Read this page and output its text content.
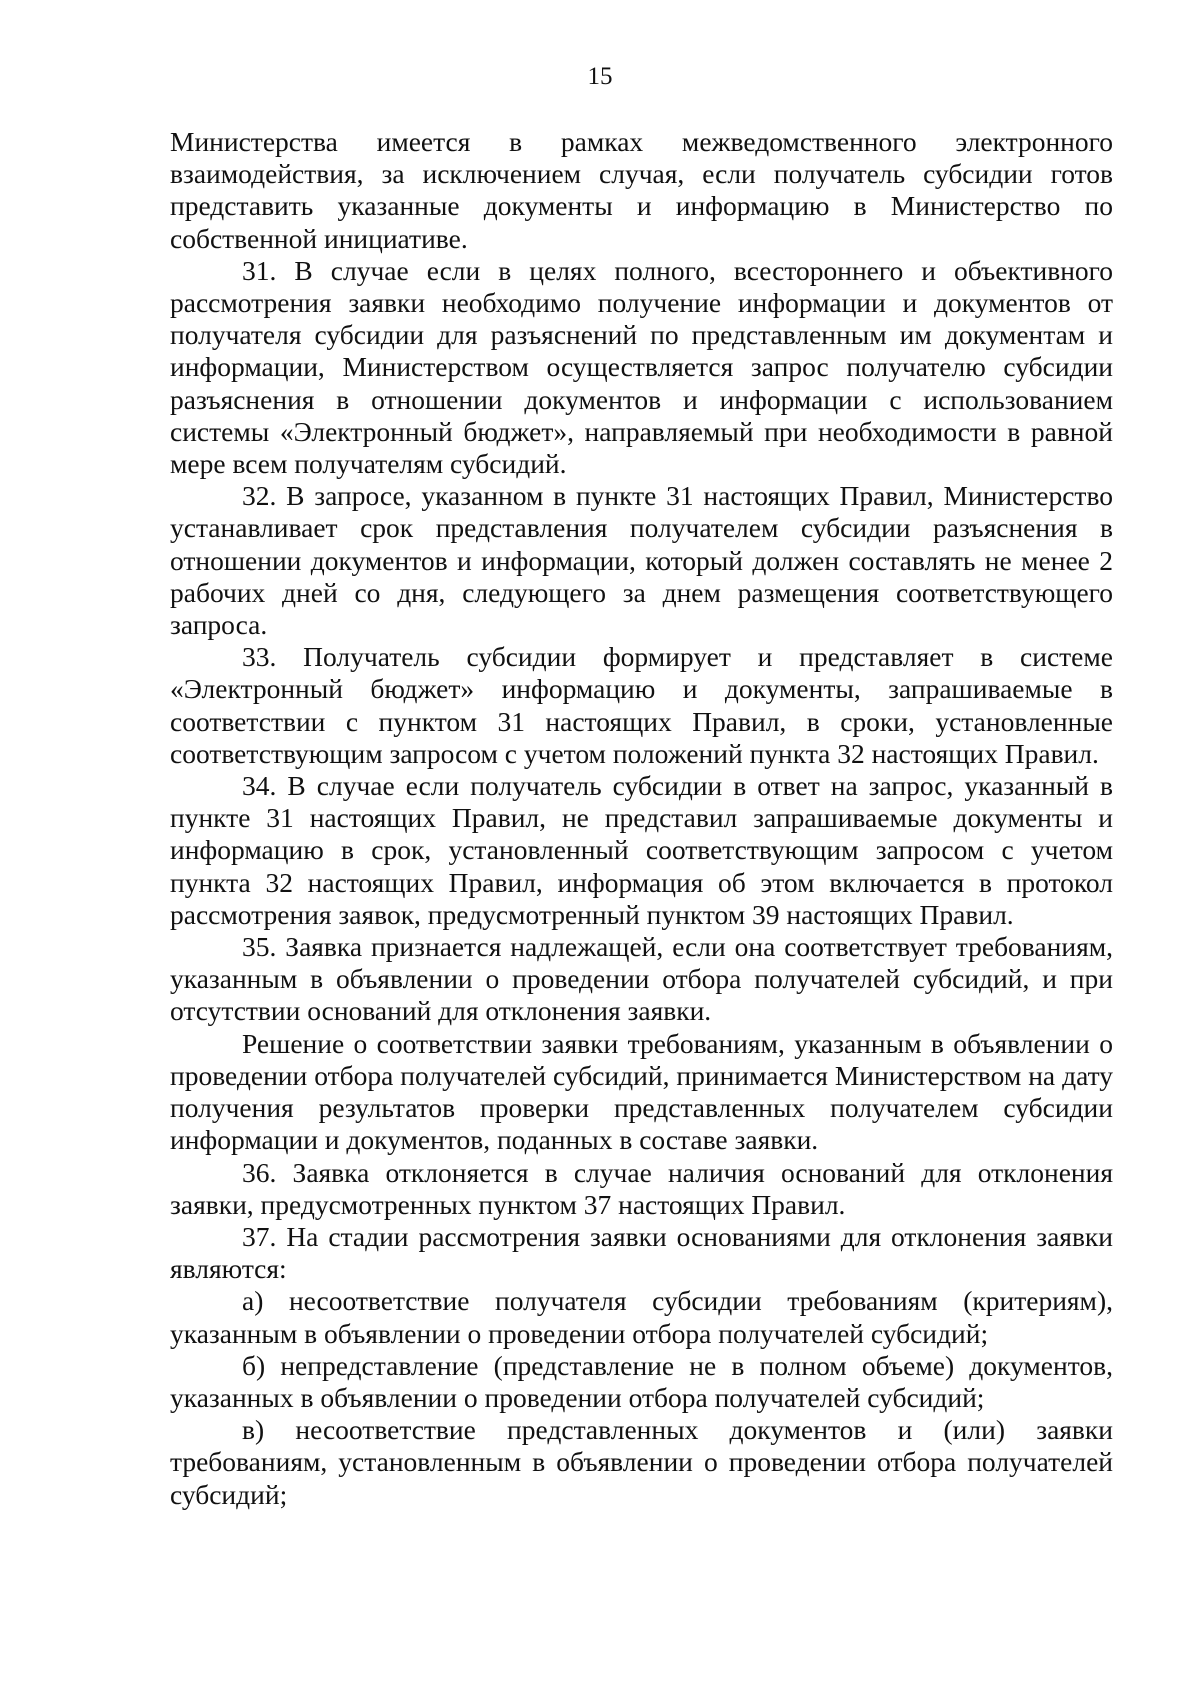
15

Министерства имеется в рамках межведомственного электронного взаимодействия, за исключением случая, если получатель субсидии готов представить указанные документы и информацию в Министерство по собственной инициативе.

31. В случае если в целях полного, всестороннего и объективного рассмотрения заявки необходимо получение информации и документов от получателя субсидии для разъяснений по представленным им документам и информации, Министерством осуществляется запрос получателю субсидии разъяснения в отношении документов и информации с использованием системы «Электронный бюджет», направляемый при необходимости в равной мере всем получателям субсидий.

32. В запросе, указанном в пункте 31 настоящих Правил, Министерство устанавливает срок представления получателем субсидии разъяснения в отношении документов и информации, который должен составлять не менее 2 рабочих дней со дня, следующего за днем размещения соответствующего запроса.

33. Получатель субсидии формирует и представляет в системе «Электронный бюджет» информацию и документы, запрашиваемые в соответствии с пунктом 31 настоящих Правил, в сроки, установленные соответствующим запросом с учетом положений пункта 32 настоящих Правил.

34. В случае если получатель субсидии в ответ на запрос, указанный в пункте 31 настоящих Правил, не представил запрашиваемые документы и информацию в срок, установленный соответствующим запросом с учетом пункта 32 настоящих Правил, информация об этом включается в протокол рассмотрения заявок, предусмотренный пунктом 39 настоящих Правил.

35. Заявка признается надлежащей, если она соответствует требованиям, указанным в объявлении о проведении отбора получателей субсидий, и при отсутствии оснований для отклонения заявки.

Решение о соответствии заявки требованиям, указанным в объявлении о проведении отбора получателей субсидий, принимается Министерством на дату получения результатов проверки представленных получателем субсидии информации и документов, поданных в составе заявки.

36. Заявка отклоняется в случае наличия оснований для отклонения заявки, предусмотренных пунктом 37 настоящих Правил.

37. На стадии рассмотрения заявки основаниями для отклонения заявки являются:

а) несоответствие получателя субсидии требованиям (критериям), указанным в объявлении о проведении отбора получателей субсидий;

б) непредставление (представление не в полном объеме) документов, указанных в объявлении о проведении отбора получателей субсидий;

в) несоответствие представленных документов и (или) заявки требованиям, установленным в объявлении о проведении отбора получателей субсидий;
